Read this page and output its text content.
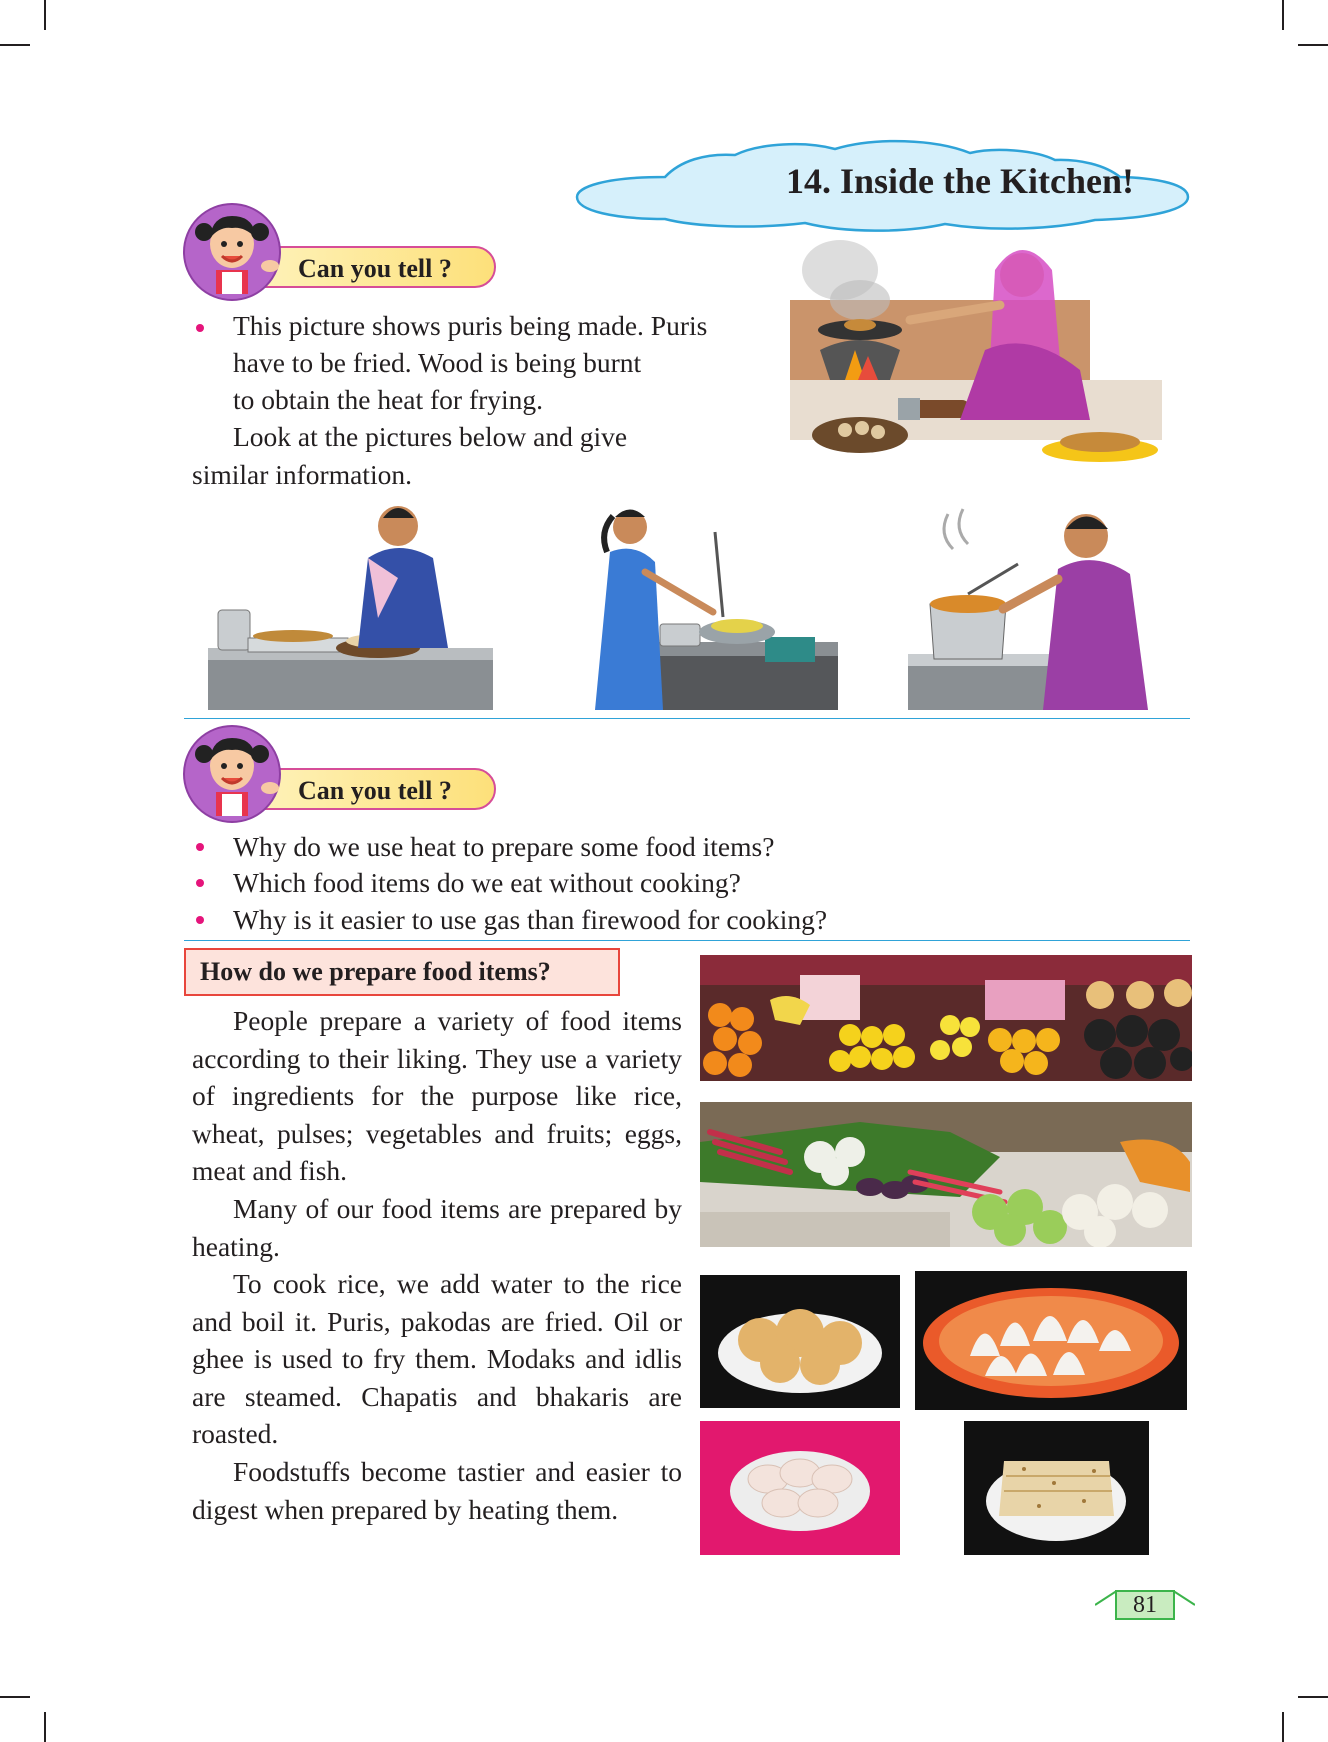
14. Inside the Kitchen!
Can you tell ?
This picture shows puris being made. Puris
have to be fried. Wood is being burnt
to obtain the heat for frying.
Look at the pictures below and give
similar information.
Can you tell ?
Why do we use heat to prepare some food items?
Which food items do we eat without cooking?
Why is it easier to use gas than firewood for cooking?
How do we prepare food items?
People prepare a variety of food items according to their liking. They use a variety of ingredients for the purpose like rice, wheat, pulses; vegetables and fruits; eggs, meat and fish.
Many of our food items are prepared by heating.
To cook rice, we add water to the rice and boil it. Puris, pakodas are fried. Oil or ghee is used to fry them. Modaks and idlis are steamed. Chapatis and bhakaris are roasted.
Foodstuffs become tastier and easier to digest when prepared by heating them.
81
